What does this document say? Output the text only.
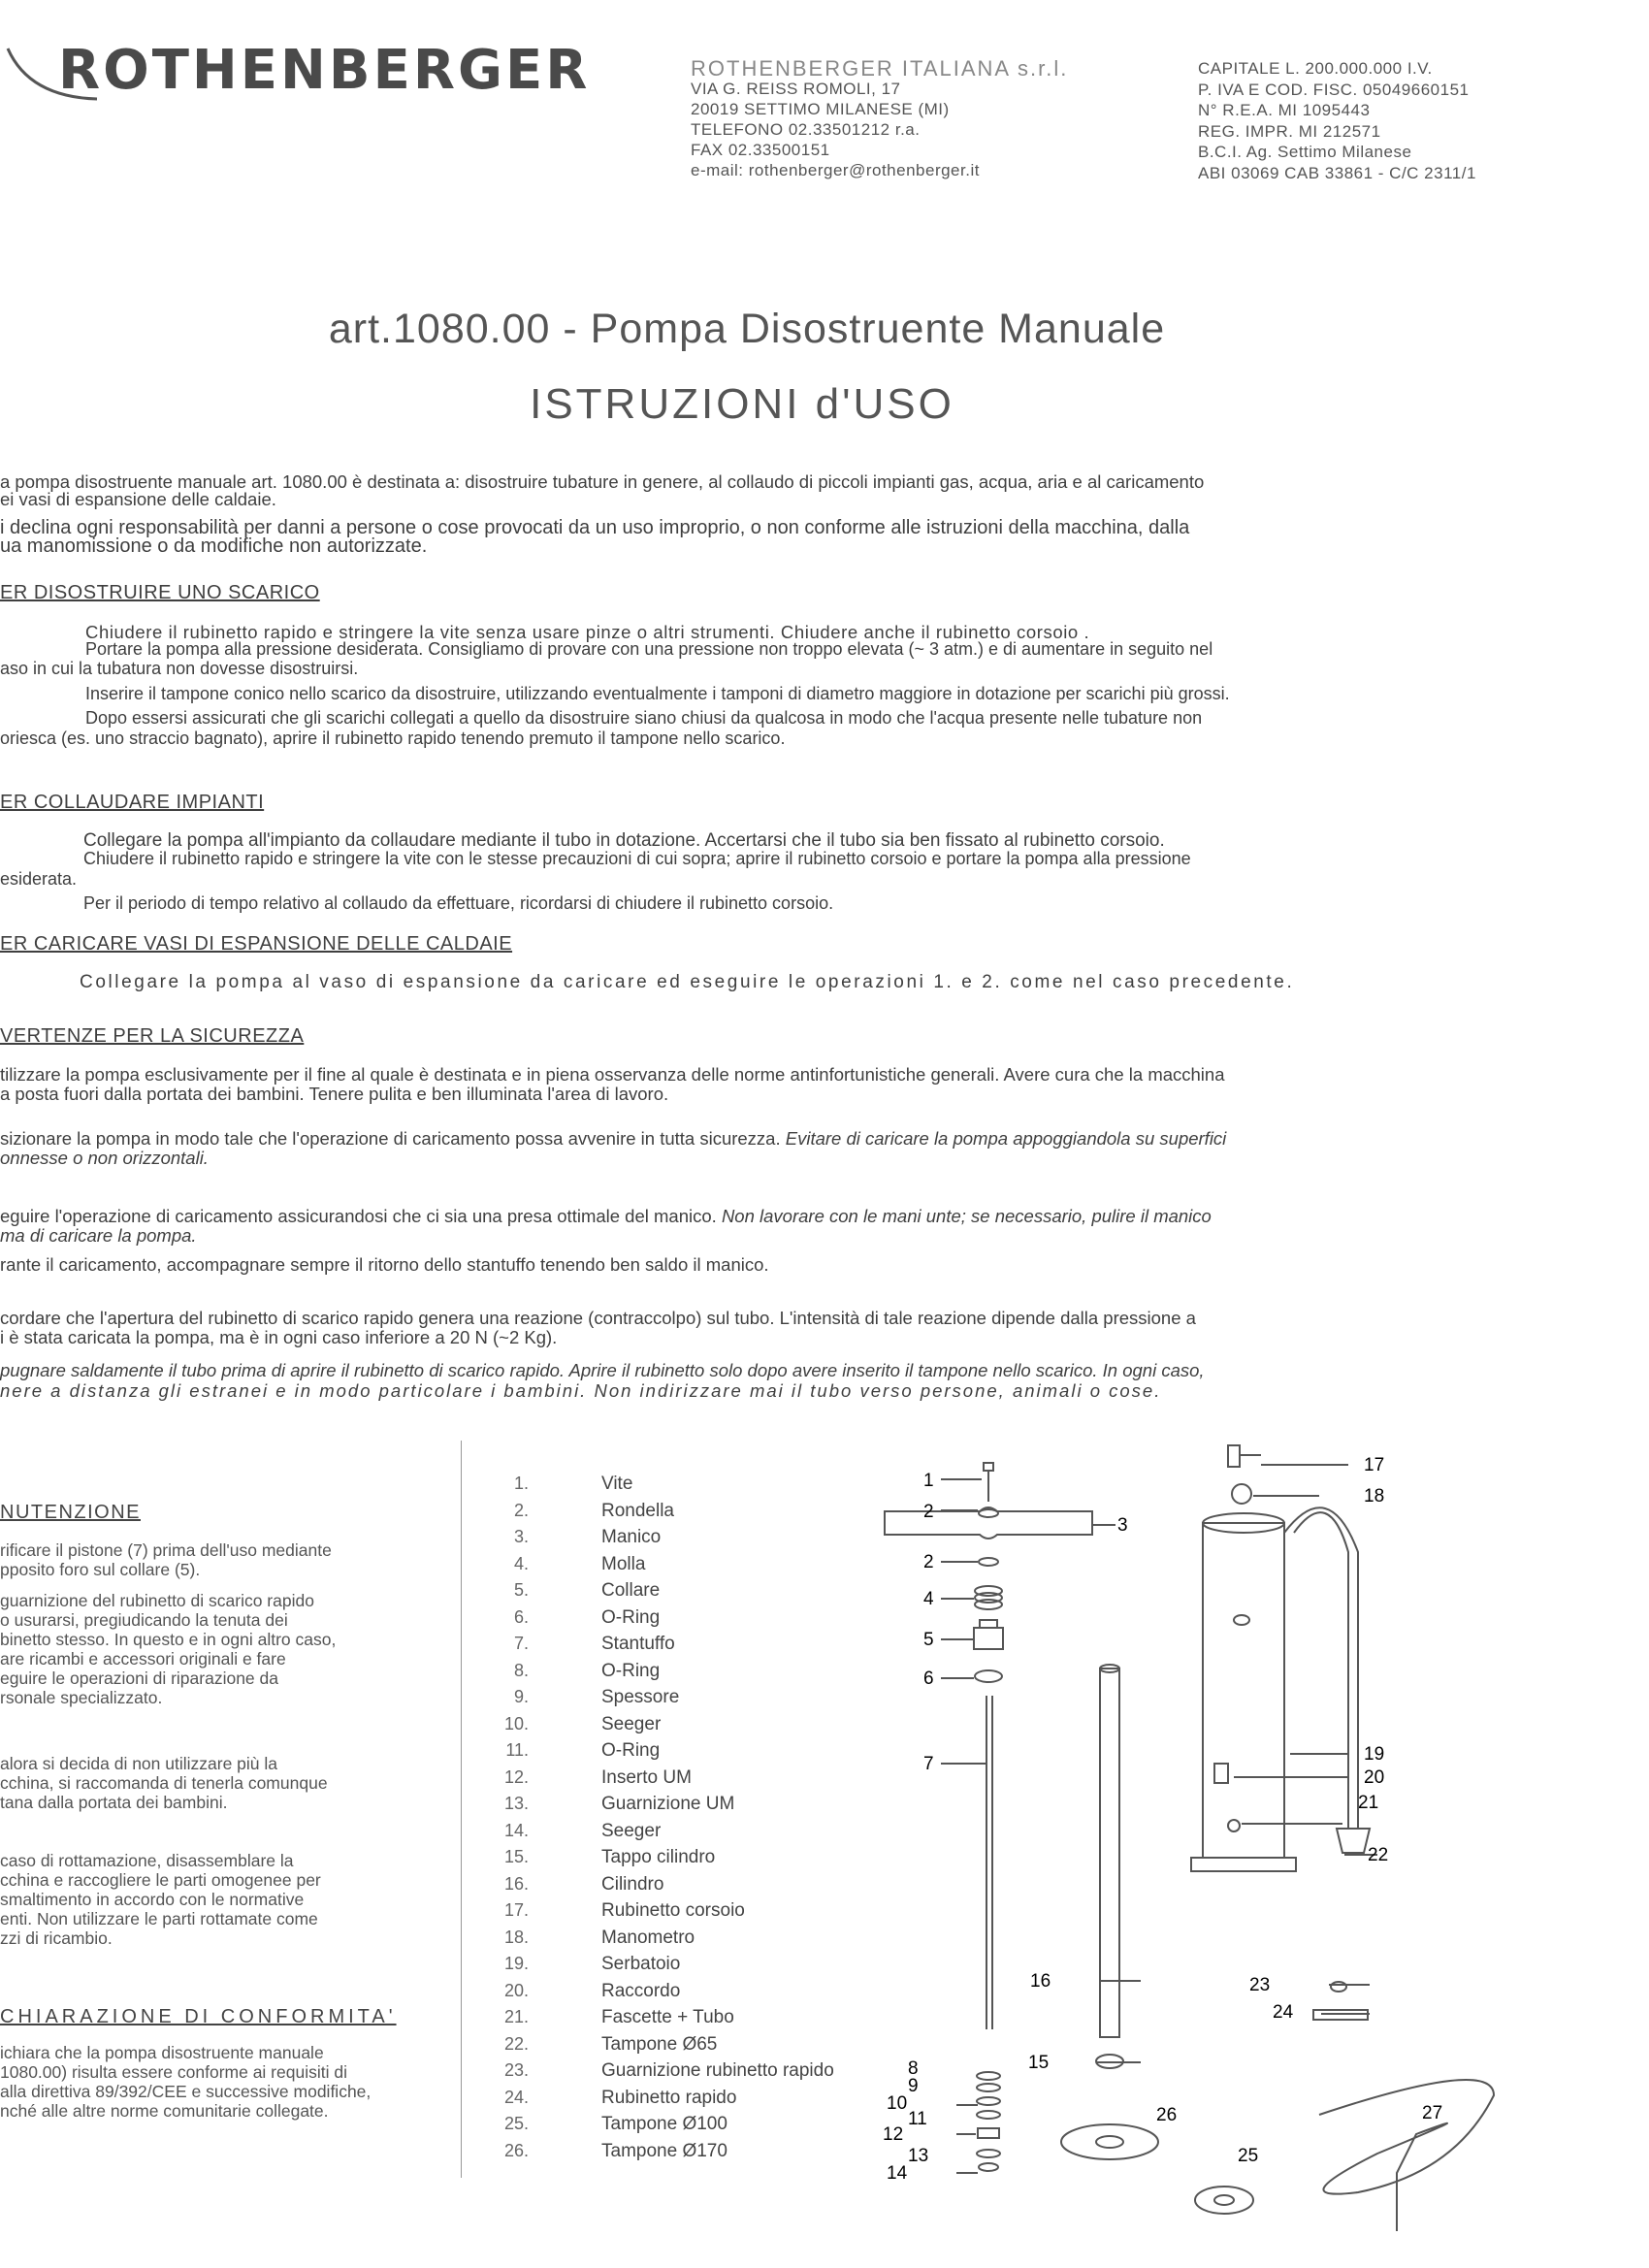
ROTHENBERGER	ROTHENBERGER ITALIANA s.r.l.
VIA G. REISS ROMOLI, 17
20019 SETTIMO MILANESE (MI)
TELEFONO 02.33501212 r.a.
FAX 02.33500151
e-mail: rothenberger@rothenberger.it
CAPITALE L. 200.000.000 I.V.
P. IVA E COD. FISC. 05049660151
N° R.E.A. MI 1095443
REG. IMPR. MI 212571
B.C.I. Ag. Settimo Milanese
ABI 03069 CAB 33861 - C/C 2311/1
art.1080.00 - Pompa Disostruente Manuale
ISTRUZIONI d'USO
a pompa disostruente manuale art. 1080.00 è destinata a: disostruire tubature in genere, al collaudo di piccoli impianti gas, acqua, aria e al caricamento
ei vasi di espansione delle caldaie.
i declina ogni responsabilità per danni a persone o cose provocati da un uso improprio, o non conforme alle istruzioni della macchina, dalla
ua manomissione o da modifiche non autorizzate.
ER DISOSTRUIRE UNO SCARICO
Chiudere il rubinetto rapido e stringere la vite senza usare pinze o altri strumenti. Chiudere anche il rubinetto corsoio .
Portare la pompa alla pressione desiderata. Consigliamo di provare con una pressione non troppo elevata (~ 3 atm.) e di aumentare in seguito nel
aso in cui la tubatura non dovesse disostruirsi.
Inserire il tampone conico nello scarico da disostruire, utilizzando eventualmente i tamponi di diametro maggiore in dotazione per scarichi più grossi.
Dopo essersi assicurati che gli scarichi collegati a quello da disostruire siano chiusi da qualcosa in modo che l'acqua presente nelle tubature non
oriesca (es. uno straccio bagnato), aprire il rubinetto rapido tenendo premuto il tampone nello scarico.
ER COLLAUDARE IMPIANTI
Collegare la pompa all'impianto da collaudare mediante il tubo in dotazione. Accertarsi che il tubo sia ben fissato al rubinetto corsoio.
Chiudere il rubinetto rapido e stringere la vite con le stesse precauzioni di cui sopra; aprire il rubinetto corsoio e portare la pompa alla pressione
esiderata.
Per il periodo di tempo relativo al collaudo da effettuare, ricordarsi di chiudere il rubinetto corsoio.
ER CARICARE VASI DI ESPANSIONE DELLE CALDAIE
Collegare la pompa al vaso di espansione da caricare ed eseguire le operazioni 1. e 2. come nel caso precedente.
VERTENZE PER LA SICUREZZA
tilizzare la pompa esclusivamente per il fine al quale è destinata e in piena osservanza delle norme antinfortunistiche generali. Avere cura che la macchina
a posta fuori dalla portata dei bambini. Tenere pulita e ben illuminata l'area di lavoro.
sizionare la pompa in modo tale che l'operazione di caricamento possa avvenire in tutta sicurezza. Evitare di caricare la pompa appoggiandola su superfici
onnesse o non orizzontali.
eguire l'operazione di caricamento assicurandosi che ci sia una presa ottimale del manico. Non lavorare con le mani unte; se necessario, pulire il manico
ma di caricare la pompa.
rante il caricamento, accompagnare sempre il ritorno dello stantuffo tenendo ben saldo il manico.
cordare che l'apertura del rubinetto di scarico rapido genera una reazione (contraccolpo) sul tubo. L'intensità di tale reazione dipende dalla pressione a
i è stata caricata la pompa, ma è in ogni caso inferiore a 20 N (~2 Kg).
pugnare saldamente il tubo prima di aprire il rubinetto di scarico rapido. Aprire il rubinetto solo dopo avere inserito il tampone nello scarico. In ogni caso,
nere a distanza gli estranei e in modo particolare i bambini. Non indirizzare mai il tubo verso persone, animali o cose.
NUTENZIONE
rificare il pistone (7) prima dell'uso mediante
pposito foro sul collare (5).
guarnizione del rubinetto di scarico rapido
o usurarsi, pregiudicando la tenuta dei
binetto stesso. In questo e in ogni altro caso,
are ricambi e accessori originali e fare
eguire le operazioni di riparazione da
rsonale specializzato.
alora si decida di non utilizzare più la
cchina, si raccomanda di tenerla comunque
tana dalla portata dei bambini.
caso di rottamazione, disassemblare la
cchina e raccogliere le parti omogenee per
smaltimento in accordo con le normative
enti. Non utilizzare le parti rottamate come
zzi di ricambio.
CHIARAZIONE DI CONFORMITA'
ichiara che la pompa disostruente manuale
1080.00) risulta essere conforme ai requisiti di
alla direttiva 89/392/CEE e successive modifiche,
nché alle altre norme comunitarie collegate.
1.
2.
3.
4.
5.
6.
7.
8.
9.
10.
11.
12.
13.
14.
15.
16.
17.
18.
19.
20.
21.
22.
23.
24.
25.
26.
Vite
Rondella
Manico
Molla
Collare
O-Ring
Stantuffo
O-Ring
Spessore
Seeger
O-Ring
Inserto UM
Guarnizione UM
Seeger
Tappo cilindro
Cilindro
Rubinetto corsoio
Manometro
Serbatoio
Raccordo
Fascette + Tubo
Tampone Ø65
Guarnizione rubinetto rapido
Rubinetto rapido
Tampone Ø100
Tampone Ø170
1
2
3
2
4
5
6
7
8
9
10
11
12
13
14
15
16
17
18
19
20
21
22
23
24
25
26	27
